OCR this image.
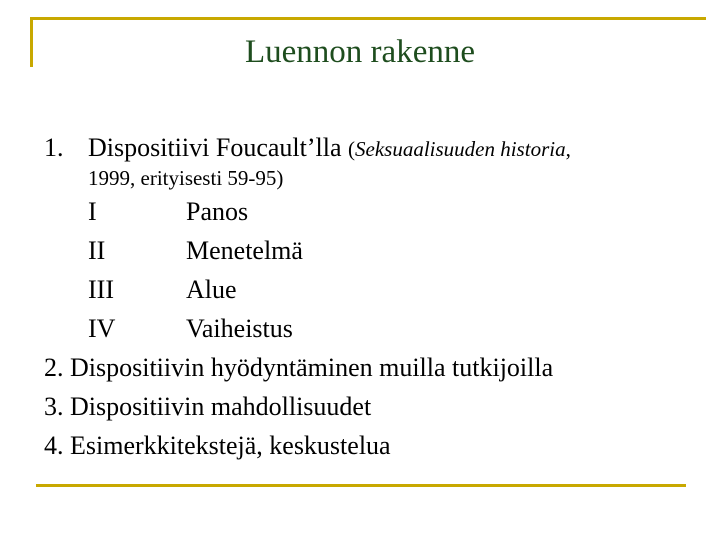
Luennon rakenne
1. Dispositiivi Foucault’lla (Seksuaalisuuden historia,
1999, erityisesti 59-95)
I	Panos
II	Menetelmä
III	Alue
IV	Vaiheistus
2. Dispositiivin hyödyntäminen muilla tutkijoilla
3. Dispositiivin mahdollisuudet
4. Esimerkkitekstejä, keskustelua
